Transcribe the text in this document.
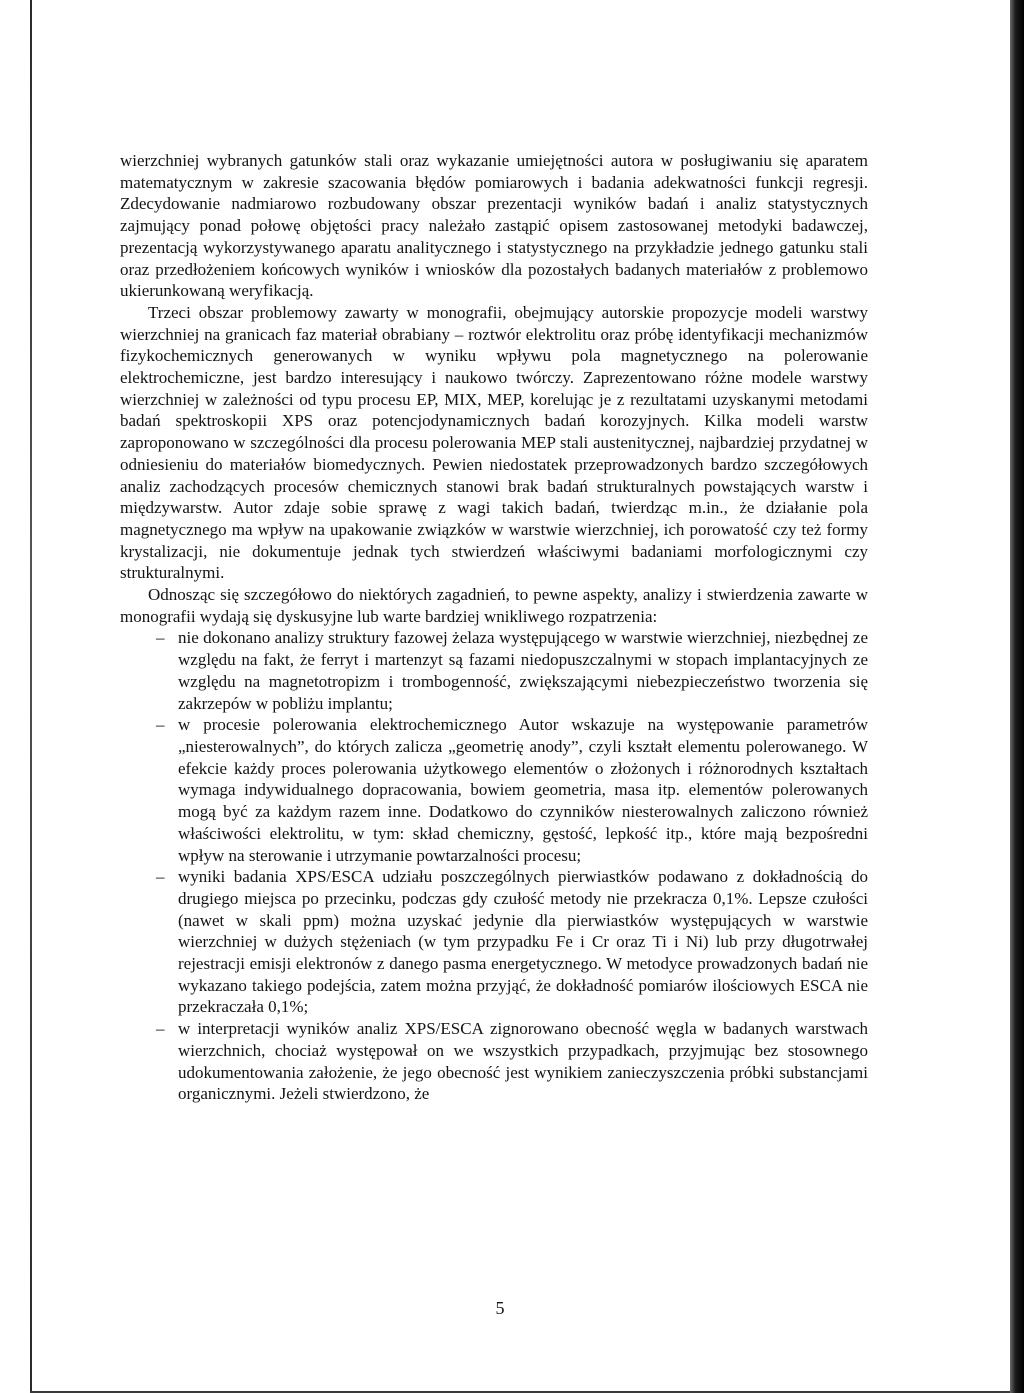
wierzchniej wybranych gatunków stali oraz wykazanie umiejętności autora w posługiwaniu się aparatem matematycznym w zakresie szacowania błędów pomiarowych i badania adekwatności funkcji regresji. Zdecydowanie nadmiarowo rozbudowany obszar prezentacji wyników badań i analiz statystycznych zajmujący ponad połowę objętości pracy należało zastąpić opisem zastosowanej metodyki badawczej, prezentacją wykorzystywanego aparatu analitycznego i statystycznego na przykładzie jednego gatunku stali oraz przedłożeniem końcowych wyników i wniosków dla pozostałych badanych materiałów z problemowo ukierunkowaną weryfikacją.

Trzeci obszar problemowy zawarty w monografii, obejmujący autorskie propozycje modeli warstwy wierzchniej na granicach faz materiał obrabiany – roztwór elektrolitu oraz próbę identyfikacji mechanizmów fizykochemicznych generowanych w wyniku wpływu pola magnetycznego na polerowanie elektrochemiczne, jest bardzo interesujący i naukowo twórczy. Zaprezentowano różne modele warstwy wierzchniej w zależności od typu procesu EP, MIX, MEP, korelując je z rezultatami uzyskanymi metodami badań spektroskopii XPS oraz potencjodynamicznych badań korozyjnych. Kilka modeli warstw zaproponowano w szczególności dla procesu polerowania MEP stali austenitycznej, najbardziej przydatnej w odniesieniu do materiałów biomedycznych. Pewien niedostatek przeprowadzonych bardzo szczegółowych analiz zachodzących procesów chemicznych stanowi brak badań strukturalnych powstających warstw i międzywarstw. Autor zdaje sobie sprawę z wagi takich badań, twierdząc m.in., że działanie pola magnetycznego ma wpływ na upakowanie związków w warstwie wierzchniej, ich porowatość czy też formy krystalizacji, nie dokumentuje jednak tych stwierdzeń właściwymi badaniami morfologicznymi czy strukturalnymi.

Odnosząc się szczegółowo do niektórych zagadnień, to pewne aspekty, analizy i stwierdzenia zawarte w monografii wydają się dyskusyjne lub warte bardziej wnikliwego rozpatrzenia:

– nie dokonano analizy struktury fazowej żelaza występującego w warstwie wierzchniej, niezbędnej ze względu na fakt, że ferryt i martenzyt są fazami niedopuszczalnymi w stopach implantacyjnych ze względu na magnetotropizm i trombogenność, zwiększającymi niebezpieczeństwo tworzenia się zakrzepów w pobliżu implantu;
– w procesie polerowania elektrochemicznego Autor wskazuje na występowanie parametrów „niesterowalnych”, do których zalicza „geometrię anody”, czyli kształt elementu polerowanego. W efekcie każdy proces polerowania użytkowego elementów o złożonych i różnorodnych kształtach wymaga indywidualnego dopracowania, bowiem geometria, masa itp. elementów polerowanych mogą być za każdym razem inne. Dodatkowo do czynników niesterowalnych zaliczono również właściwości elektrolitu, w tym: skład chemiczny, gęstość, lepkość itp., które mają bezpośredni wpływ na sterowanie i utrzymanie powtarzalności procesu;
– wyniki badania XPS/ESCA udziału poszczególnych pierwiastków podawano z dokładnością do drugiego miejsca po przecinku, podczas gdy czułość metody nie przekracza 0,1%. Lepsze czułości (nawet w skali ppm) można uzyskać jedynie dla pierwiastków występujących w warstwie wierzchniej w dużych stężeniach (w tym przypadku Fe i Cr oraz Ti i Ni) lub przy długotrwałej rejestracji emisji elektronów z danego pasma energetycznego. W metodyce prowadzonych badań nie wykazano takiego podejścia, zatem można przyjąć, że dokładność pomiarów ilościowych ESCA nie przekraczała 0,1%;
– w interpretacji wyników analiz XPS/ESCA zignorowano obecność węgla w badanych warstwach wierzchnich, chociaż występował on we wszystkich przypadkach, przyjmując bez stosownego udokumentowania założenie, że jego obecność jest wynikiem zanieczyszczenia próbki substancjami organicznymi. Jeżeli stwierdzono, że
5
